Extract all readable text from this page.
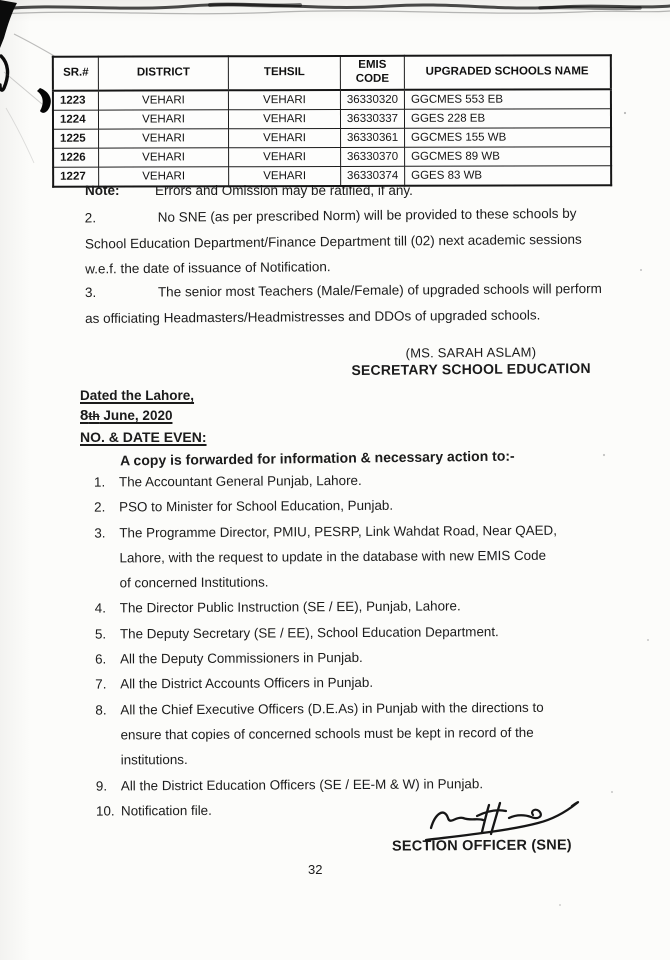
SR.#	DISTRICT	TEHSIL	EMIS CODE	UPGRADED SCHOOLS NAME
1223	VEHARI	VEHARI	36330320	GGCMES 553 EB
1224	VEHARI	VEHARI	36330337	GGES 228 EB
1225	VEHARI	VEHARI	36330361	GGCMES 155 WB
1226	VEHARI	VEHARI	36330370	GGCMES 89 WB
1227	VEHARI	VEHARI	36330374	GGES 83 WB
Note:	Errors and Omission may be ratified, if any.
2.	No SNE (as per prescribed Norm) will be provided to these schools by
School Education Department/Finance Department till (02) next academic sessions
w.e.f. the date of issuance of Notification.
3.	The senior most Teachers (Male/Female) of upgraded schools will perform
as officiating Headmasters/Headmistresses and DDOs of upgraded schools.
(MS. SARAH ASLAM)
SECRETARY SCHOOL EDUCATION
Dated the Lahore,
8th June, 2020
NO. & DATE EVEN:
A copy is forwarded for information & necessary action to:-
1.	The Accountant General Punjab, Lahore.
2.	PSO to Minister for School Education, Punjab.
3.	The Programme Director, PMIU, PESRP, Link Wahdat Road, Near QAED,
Lahore, with the request to update in the database with new EMIS Code
of concerned Institutions.
4.	The Director Public Instruction (SE / EE), Punjab, Lahore.
5.	The Deputy Secretary (SE / EE), School Education Department.
6.	All the Deputy Commissioners in Punjab.
7.	All the District Accounts Officers in Punjab.
8.	All the Chief Executive Officers (D.E.As) in Punjab with the directions to
ensure that copies of concerned schools must be kept in record of the
institutions.
9.	All the District Education Officers (SE / EE-M & W) in Punjab.
10. Notification file.
SECTION OFFICER (SNE)
32
